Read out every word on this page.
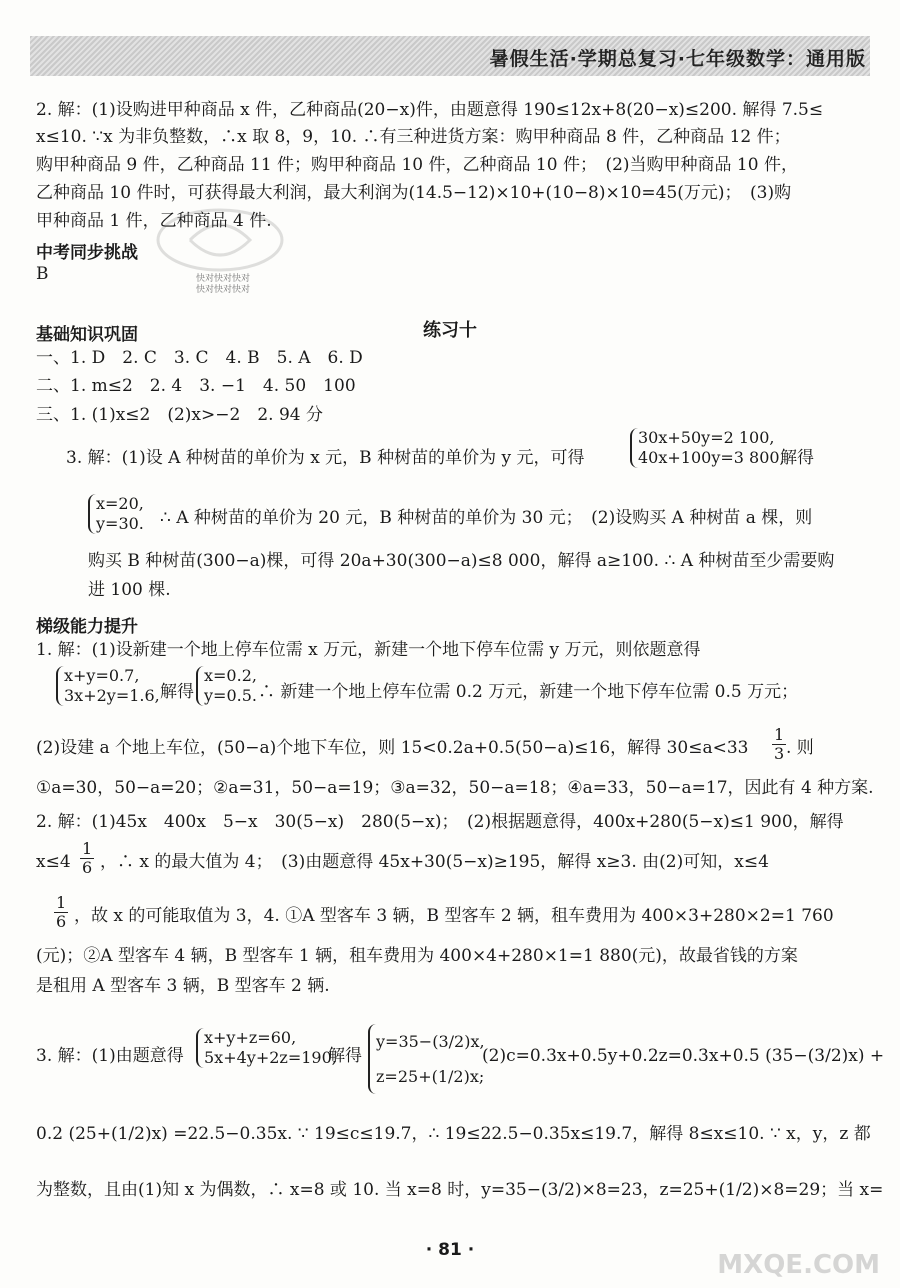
暑假生活·学期总复习·七年级数学：通用版
2. 解：(1)设购进甲种商品 x 件，乙种商品(20−x)件，由题意得 190≤12x+8(20−x)≤200. 解得 7.5≤
x≤10. ∵x 为非负整数，∴x 取 8，9，10. ∴有三种进货方案：购甲种商品 8 件，乙种商品 12 件；
购甲种商品 9 件，乙种商品 11 件；购甲种商品 10 件，乙种商品 10 件；　(2)当购甲种商品 10 件，
乙种商品 10 件时，可获得最大利润，最大利润为(14.5−12)×10+(10−8)×10=45(万元)；　(3)购
甲种商品 1 件，乙种商品 4 件.
中考同步挑战
B	快对快对快对
快对快对快对
练习十
基础知识巩固
一、1. D　2. C　3. C　4. B　5. A　6. D
二、1. m≤2　2. 4　3. −1　4. 50　100
三、1. (1)x≤2　(2)x>−2　2. 94 分
3. 解：(1)设 A 种树苗的单价为 x 元，B 种树苗的单价为 y 元，可得
30x+50y=2 100,
40x+100y=3 800,
解得
x=20,
y=30. ∴ A 种树苗的单价为 20 元，B 种树苗的单价为 30 元；　(2)设购买 A 种树苗 a 棵，则
购买 B 种树苗(300−a)棵，可得 20a+30(300−a)≤8 000，解得 a≥100. ∴ A 种树苗至少需要购
进 100 棵.
梯级能力提升
1. 解：(1)设新建一个地上停车位需 x 万元，新建一个地下停车位需 y 万元，则依题意得
x+y=0.7,
3x+2y=1.6, 解得
x=0.2,
y=0.5. ∴ 新建一个地上停车位需 0.2 万元，新建一个地下停车位需 0.5 万元；
(2)设建 a 个地上车位，(50−a)个地下车位，则 15<0.2a+0.5(50−a)≤16，解得 $30\le a<33 \frac{1}{3}$ . 则
①a=30，50−a=20；②a=31，50−a=19；③a=32，50−a=18；④a=33，50−a=17，因此有 4 种方案.
2. 解：(1)45x　400x　5−x　30(5−x)　280(5−x)；　(2)根据题意得，400x+280(5−x)≤1 900，解得
$x\le 4 \frac{1}{6}$ ，∴ x 的最大值为 4；　(3)由题意得 45x+30(5−x)≥195，解得 x≥3. 由(2)可知，x≤4
$\frac{1}{6}$ ，故 x 的可能取值为 3，4. ①A 型客车 3 辆，B 型客车 2 辆，租车费用为 400×3+280×2=1 760
(元)；②A 型客车 4 辆，B 型客车 1 辆，租车费用为 400×4+280×1=1 880(元)，故最省钱的方案
是租用 A 型客车 3 辆，B 型客车 2 辆.
3. 解：(1)由题意得
x+y+z=60,
5x+4y+2z=190,
解得
y=35−(3/2)x,
z=25+(1/2)x;
(2)c=0.3x+0.5y+0.2z=0.3x+0.5 (35−(3/2)x) +
0.2 (25+(1/2)x) =22.5−0.35x. ∵ 19≤c≤19.7，∴ 19≤22.5−0.35x≤19.7，解得 8≤x≤10. ∵ x，y，z 都
为整数，且由(1)知 x 为偶数，∴ x=8 或 10. 当 x=8 时，y=35−(3/2)×8=23，z=25+(1/2)×8=29；当 x=
· 81 ·	MXQE.COM
